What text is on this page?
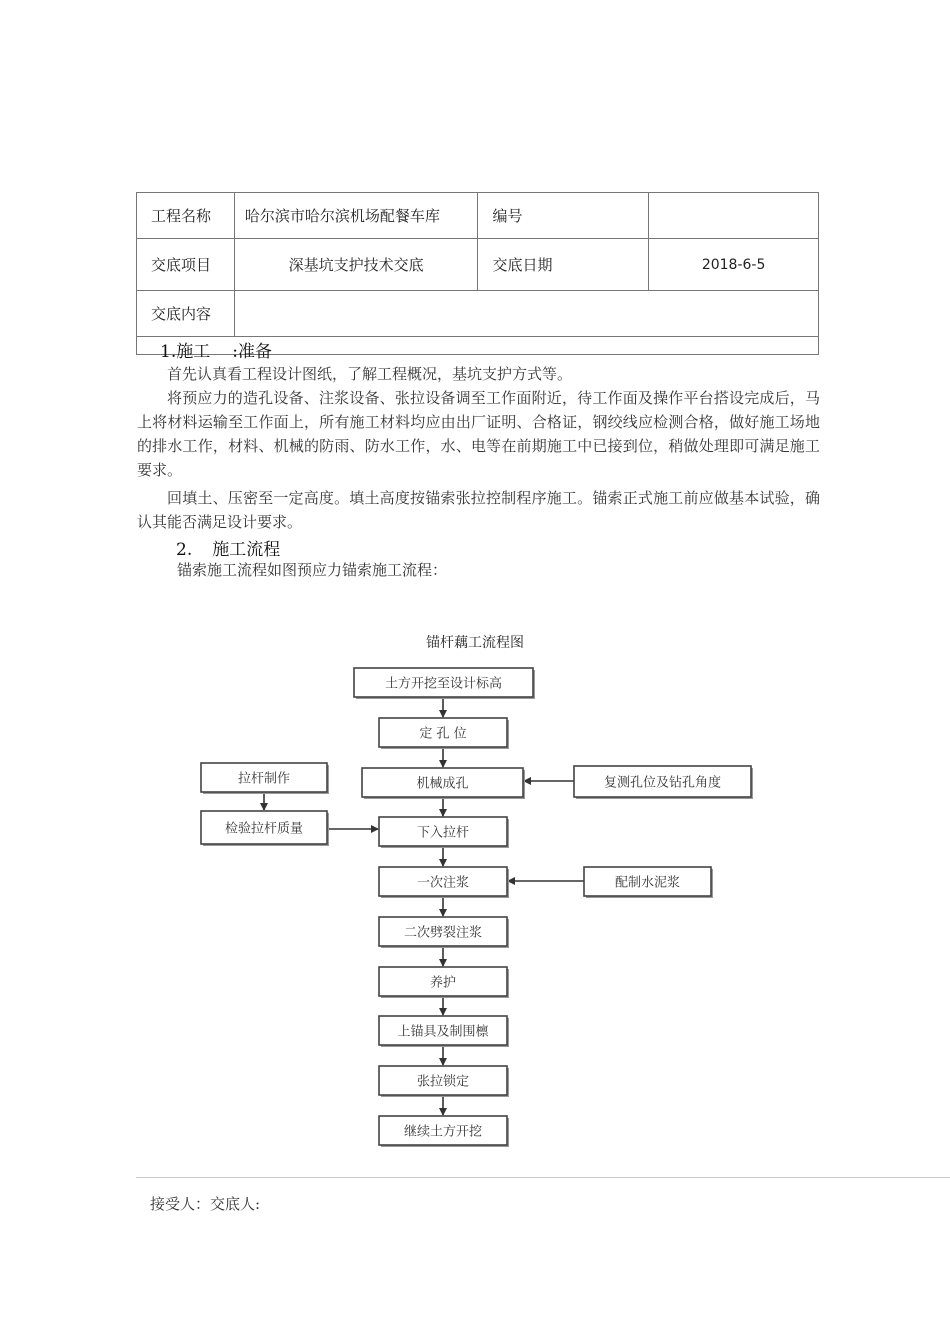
工程名称	哈尔滨市哈尔滨机场配餐车库	编号	
交底项目	深基坑支护技术交底	交底日期	2018-6-5
交底内容			

1.施工 :准备

首先认真看工程设计图纸，了解工程概况，基坑支护方式等。

将预应力的造孔设备、注浆设备、张拉设备调至工作面附近，待工作面及操作平台搭设完成后，马上将材料运输至工作面上，所有施工材料均应由出厂证明、合格证，钢绞线应检测合格，做好施工场地的排水工作，材料、机械的防雨、防水工作，水、电等在前期施工中已接到位，稍做处理即可满足施工要求。

回填土、压密至一定高度。填土高度按锚索张拉控制程序施工。锚索正式施工前应做基本试验，确认其能否满足设计要求。

2. 施工流程
锚索施工流程如图预应力锚索施工流程：
锚杆藕工流程图
土方开挖至设计标高
定 孔 位
机械成孔
下入拉杆
一次注浆
二次劈裂注浆
养护
上锚具及制围檩
张拉锁定
继续土方开挖
拉杆制作
检验拉杆质量
复测孔位及钻孔角度
配制水泥浆
接受人：交底人:
